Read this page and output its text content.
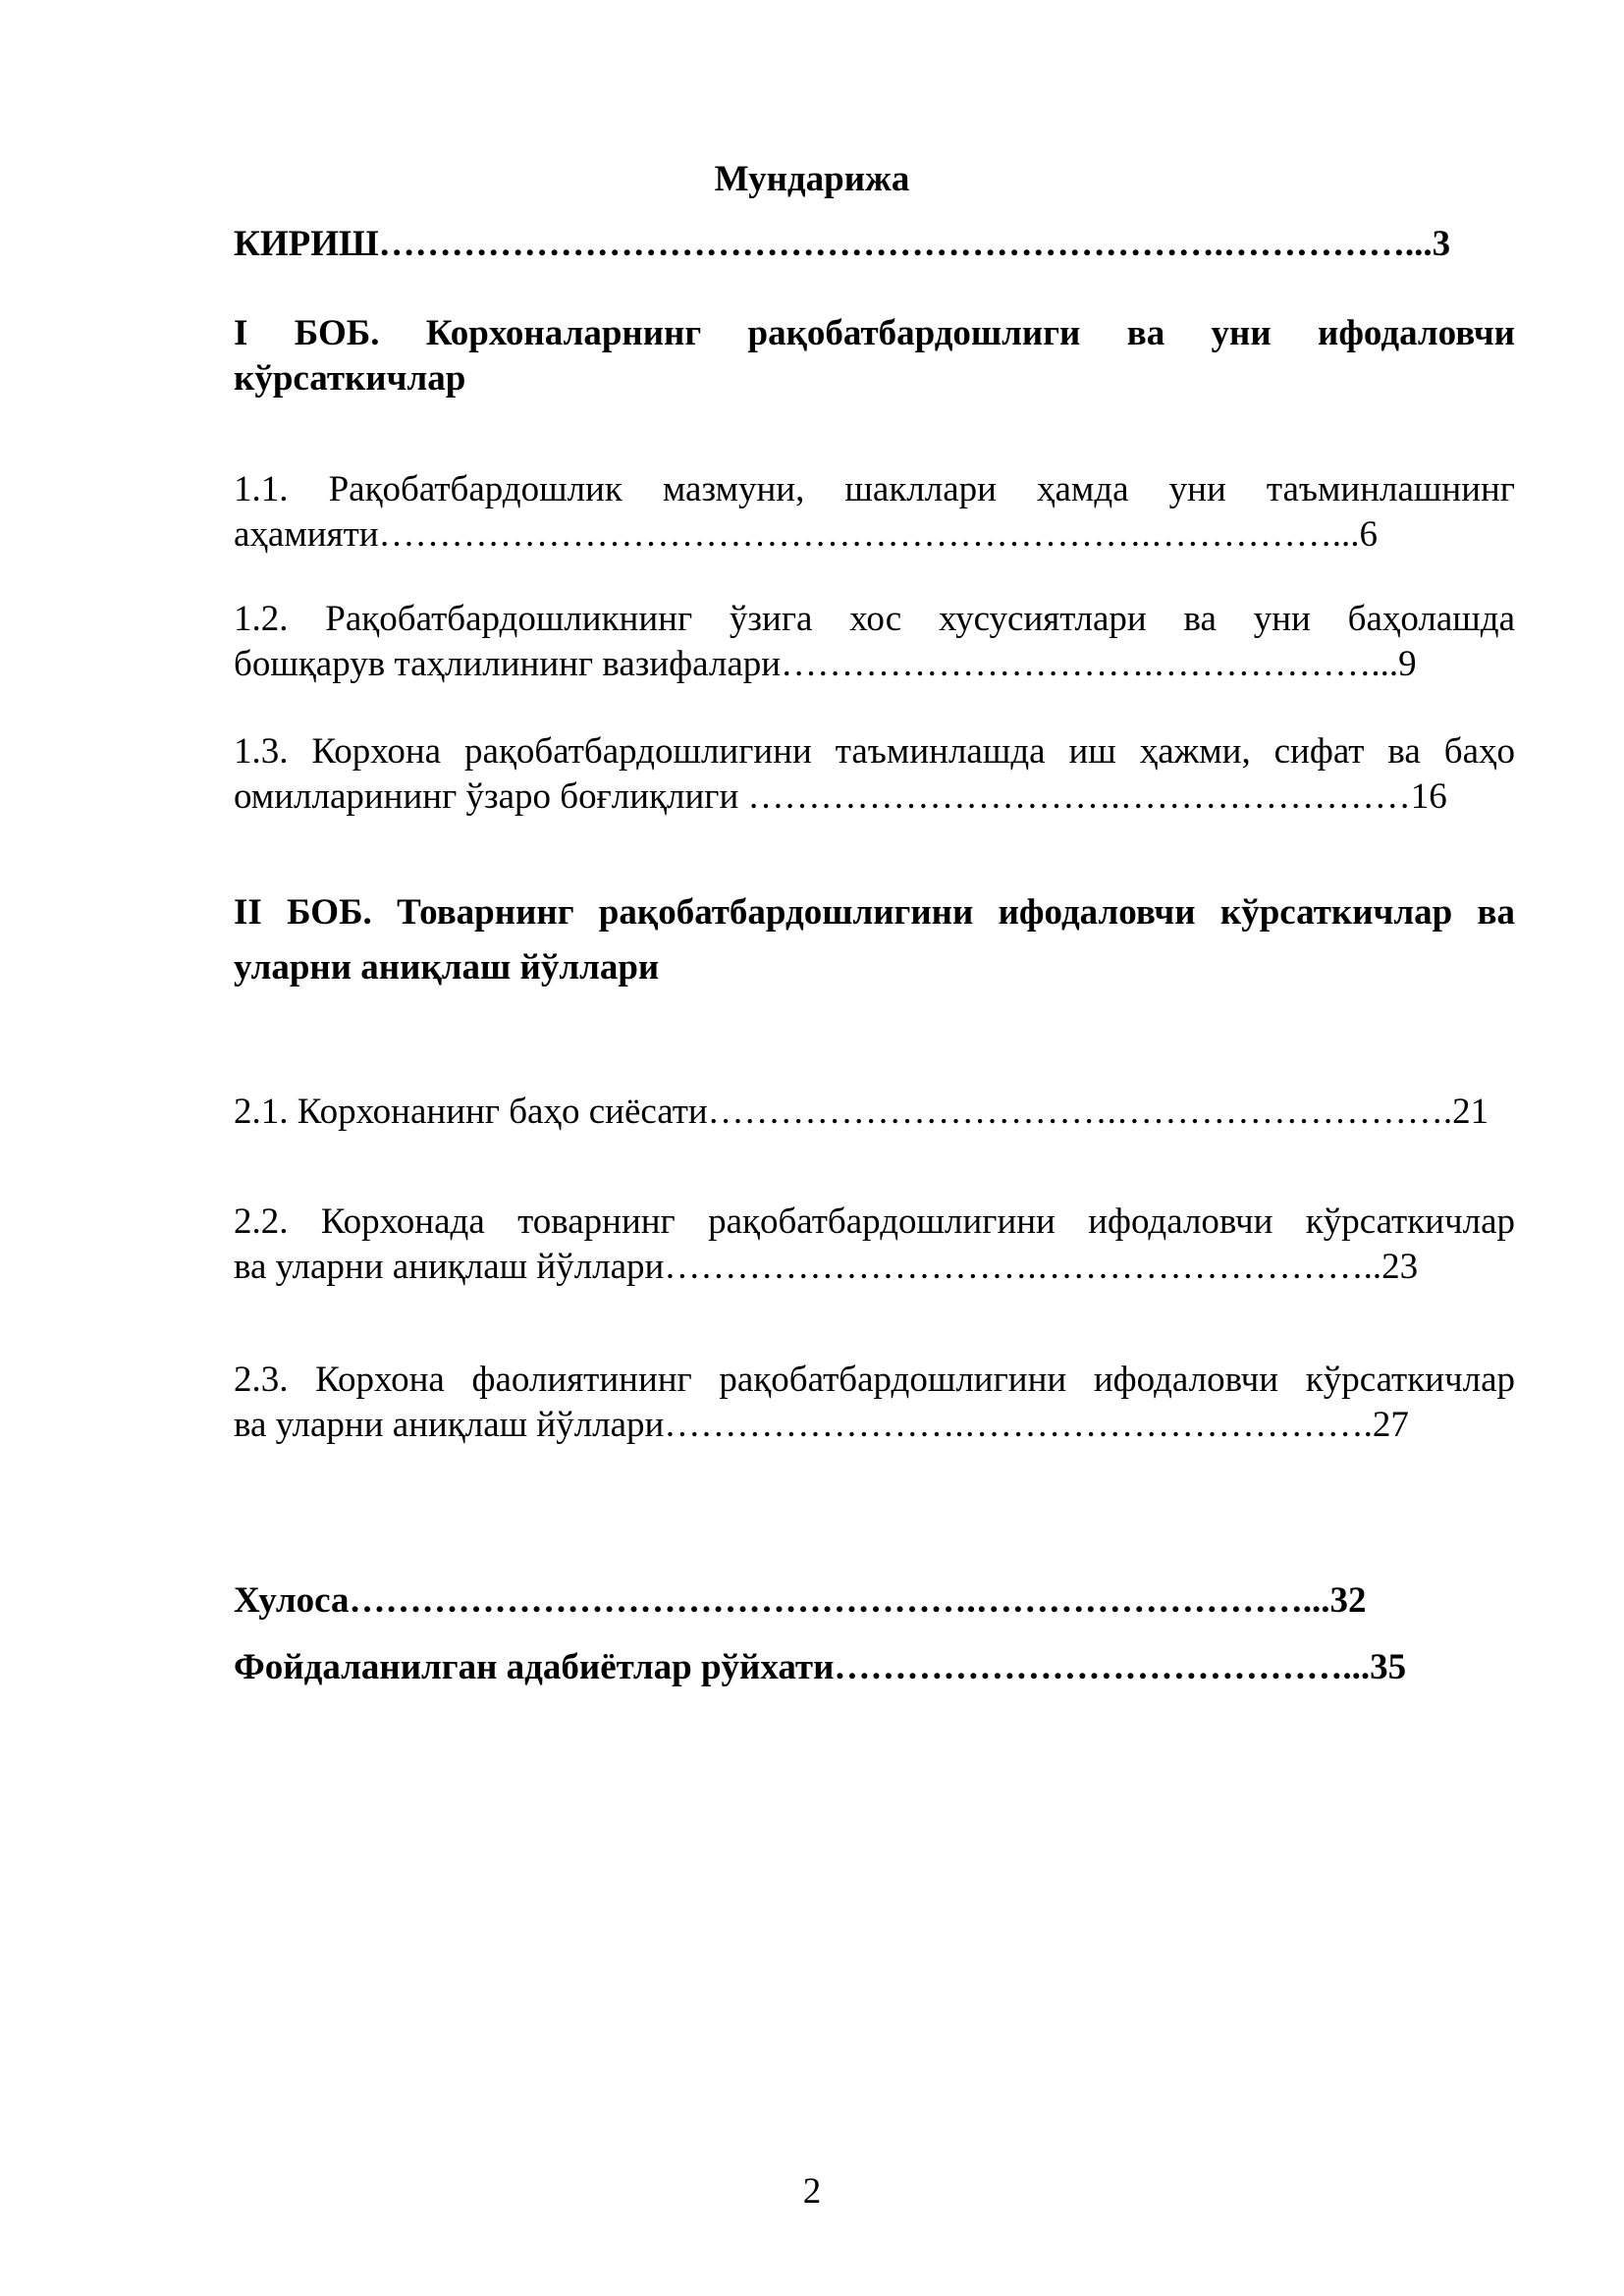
Мундарижа
КИРИШ…………………………………………………………….……………...3
I БОБ. Корхоналарнинг рақобатбардошлиги ва уни ифодаловчи кўрсаткичлар
1.1. Рақобатбардошлик мазмуни, шакллари ҳамда уни таъминлашнинг
аҳамияти……………………………………………………….……………...6
1.2. Рақобатбардошликнинг ўзига хос хусусиятлари ва уни баҳолашда
бошқарув таҳлилининг вазифалари………………………….………………...9
1.3. Корхона рақобатбардошлигини таъминлашда иш ҳажми, сифат ва баҳо
омилларининг ўзаро боғлиқлиги ………………………….……………………16
II БОБ. Товарнинг рақобатбардошлигини ифодаловчи кўрсаткичлар ва
уларни аниқлаш йўллари
2.1. Корхонанинг баҳо сиёсати…………………………….……………………….21
2.2. Корхонада товарнинг рақобатбардошлигини ифодаловчи кўрсаткичлар
ва уларни аниқлаш йўллари………………………….………………………..23
2.3. Корхона фаолиятининг рақобатбардошлигини ифодаловчи кўрсаткичлар
ва уларни аниқлаш йўллари…………………….…………………………….27
Хулоса…………………………………………….………………………...32
Фойдаланилган адабиётлар рўйхати……………………………………...35
2
